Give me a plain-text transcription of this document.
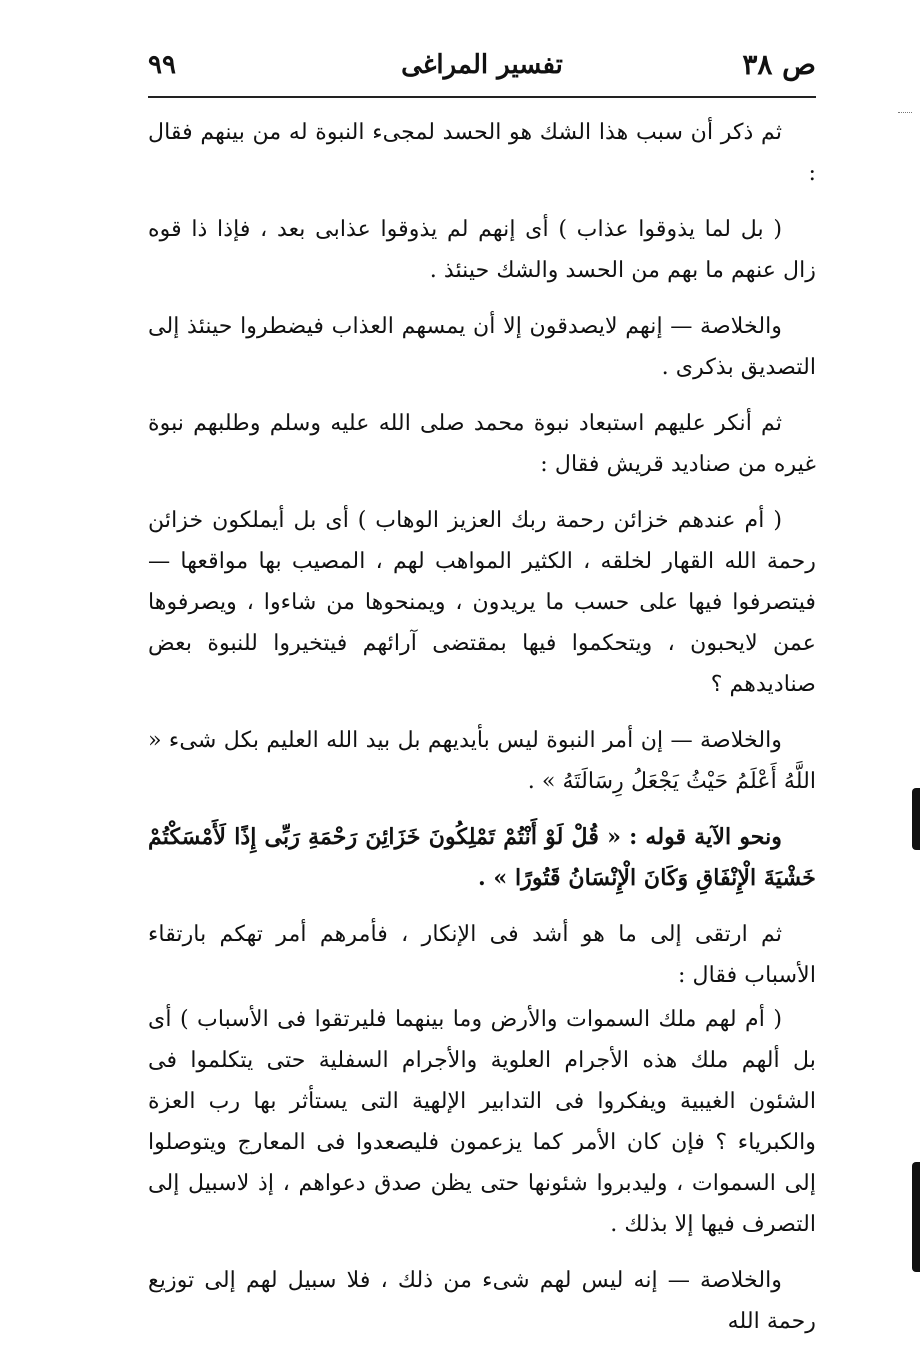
ص ٣٨
تفسير المراغى
٩٩

ثم ذكر أن سبب هذا الشك هو الحسد لمجىء النبوة له من بينهم فقال :

( بل لما يذوقوا عذاب ) أى إنهم لم يذوقوا عذابى بعد ، فإذا ذا قوه زال عنهم ما بهم من الحسد والشك حينئذ .

والخلاصة — إنهم لايصدقون إلا أن يمسهم العذاب فيضطروا حينئذ إلى التصديق بذكرى .

ثم أنكر عليهم استبعاد نبوة محمد صلى الله عليه وسلم وطلبهم نبوة غيره من صناديد قريش فقال :

( أم عندهم خزائن رحمة ربك العزيز الوهاب ) أى بل أيملكون خزائن رحمة الله القهار لخلقه ، الكثير المواهب لهم ، المصيب بها مواقعها — فيتصرفوا فيها على حسب ما يريدون ، ويمنحوها من شاءوا ، ويصرفوها عمن لايحبون ، ويتحكموا فيها بمقتضى آرائهم فيتخيروا للنبوة بعض صناديدهم ؟

والخلاصة — إن أمر النبوة ليس بأيديهم بل بيد الله العليم بكل شىء « اللَّهُ أَعْلَمُ حَيْثُ يَجْعَلُ رِسَالَتَهُ » .

ونحو الآية قوله : « قُلْ لَوْ أَنْتُمْ تَمْلِكُونَ خَزَائِنَ رَحْمَةِ رَبِّى إِذًا لَأَمْسَكْتُمْ خَشْيَةَ الْإِنْفَاقِ وَكَانَ الْإِنْسَانُ قَتُورًا » .

ثم ارتقى إلى ما هو أشد فى الإنكار ، فأمرهم أمر تهكم بارتقاء الأسباب فقال :

( أم لهم ملك السموات والأرض وما بينهما فليرتقوا فى الأسباب ) أى بل ألهم ملك هذه الأجرام العلوية والأجرام السفلية حتى يتكلموا فى الشئون الغيبية ويفكروا فى التدابير الإلهية التى يستأثر بها رب العزة والكبرياء ؟ فإن كان الأمر كما يزعمون فليصعدوا فى المعارج ويتوصلوا إلى السموات ، وليدبروا شئونها حتى يظن صدق دعواهم ، إذ لاسبيل إلى التصرف فيها إلا بذلك .

والخلاصة — إنه ليس لهم شىء من ذلك ، فلا سبيل لهم إلى توزيع رحمة الله
